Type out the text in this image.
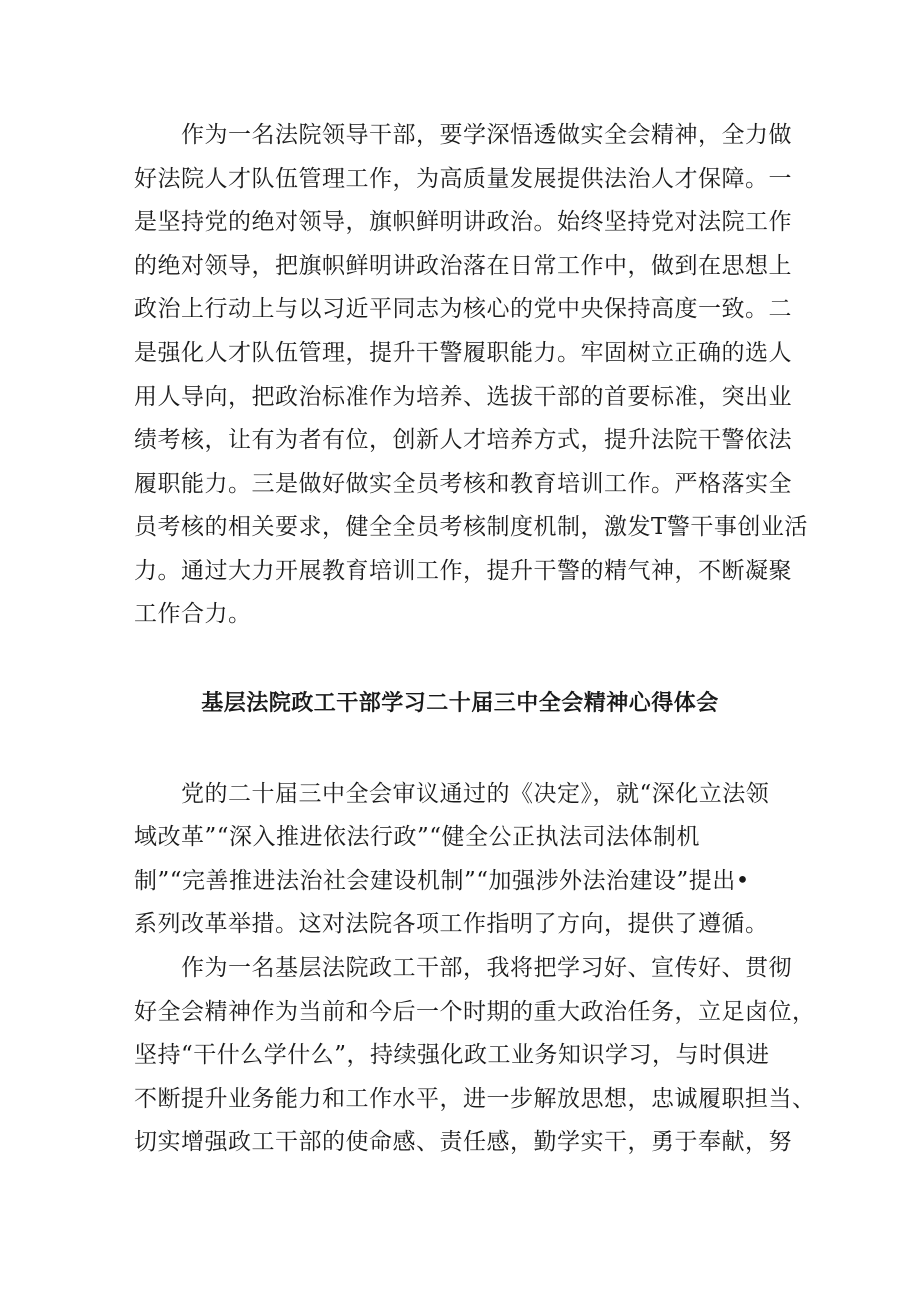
　　作为一名法院领导干部，要学深悟透做实全会精神，全力做
好法院人才队伍管理工作，为高质量发展提供法治人才保障。一
是坚持党的绝对领导，旗帜鲜明讲政治。始终坚持党对法院工作
的绝对领导，把旗帜鲜明讲政治落在日常工作中，做到在思想上
政治上行动上与以习近平同志为核心的党中央保持高度一致。二
是强化人才队伍管理，提升干警履职能力。牢固树立正确的选人
用人导向，把政治标准作为培养、选拔干部的首要标准，突出业
绩考核，让有为者有位，创新人才培养方式，提升法院干警依法
履职能力。三是做好做实全员考核和教育培训工作。严格落实全
员考核的相关要求，健全全员考核制度机制，激发T警干事创业活
力。通过大力开展教育培训工作，提升干警的精气神，不断凝聚
工作合力。
基层法院政工干部学习二十届三中全会精神心得体会
　　党的二十届三中全会审议通过的《决定》，就“深化立法领
域改革”“深入推进依法行政”“健全公正执法司法体制机
制”“完善推进法治社会建设机制”“加强涉外法治建设”提出•
系列改革举措。这对法院各项工作指明了方向，提供了遵循。
　　作为一名基层法院政工干部，我将把学习好、宣传好、贯彻
好全会精神作为当前和今后一个时期的重大政治任务，立足卤位，
坚持“干什么学什么”，持续强化政工业务知识学习，与时俱进
不断提升业务能力和工作水平，进一步解放思想，忠诚履职担当、
切实增强政工干部的使命感、责任感，勤学实干，勇于奉献，努
